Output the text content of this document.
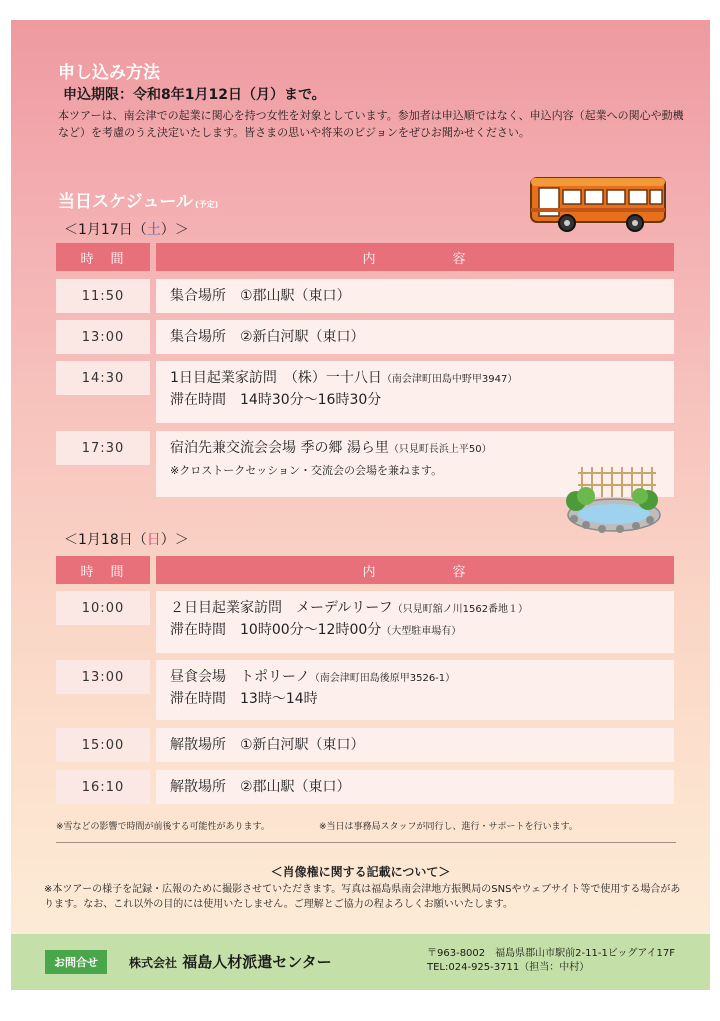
申し込み方法
申込期限：令和8年1月12日（月）まで。
本ツアーは、南会津での起業に関心を持つ女性を対象としています。参加者は申込順ではなく、申込内容（起業への関心や動機など）を考慮のうえ決定いたします。皆さまの思いや将来のビジョンをぜひお聞かせください。
当日スケジュール (予定)
＜1月17日（土）＞
時　間	内　　　　　容
11:50	集合場所　①郡山駅（東口）
13:00	集合場所　②新白河駅（東口）
14:30	1日目起業家訪問　（株）一十八日（南会津町田島中野甲3947）
滞在時間　14時30分～16時30分
17:30	宿泊先兼交流会会場 季の郷 湯ら里（只見町長浜上平50）
※クロストークセッション・交流会の会場を兼ねます。
＜1月18日（日）＞
時　間	内　　　　　容
10:00	２日目起業家訪問　メーデルリーフ（只見町舘ノ川1562番地１）
滞在時間　10時00分～12時00分（大型駐車場有）
13:00	昼食会場　トポリーノ（南会津町田島後原甲3526-1）
滞在時間　13時～14時
15:00	解散場所　①新白河駅（東口）
16:10	解散場所　②郡山駅（東口）
※雪などの影響で時間が前後する可能性があります。	※当日は事務局スタッフが同行し、進行・サポートを行います。
＜肖像権に関する記載について＞
※本ツアーの様子を記録・広報のために撮影させていただきます。写真は福島県南会津地方振興局のSNSやウェブサイト等で使用する場合があります。なお、これ以外の目的には使用いたしません。ご理解とご協力の程よろしくお願いいたします。
お問合せ	株式会社 福島人材派遣センター	〒963-8002　福島県郡山市駅前2-11-1ビッグアイ17F
TEL:024-925-3711（担当：中村）
